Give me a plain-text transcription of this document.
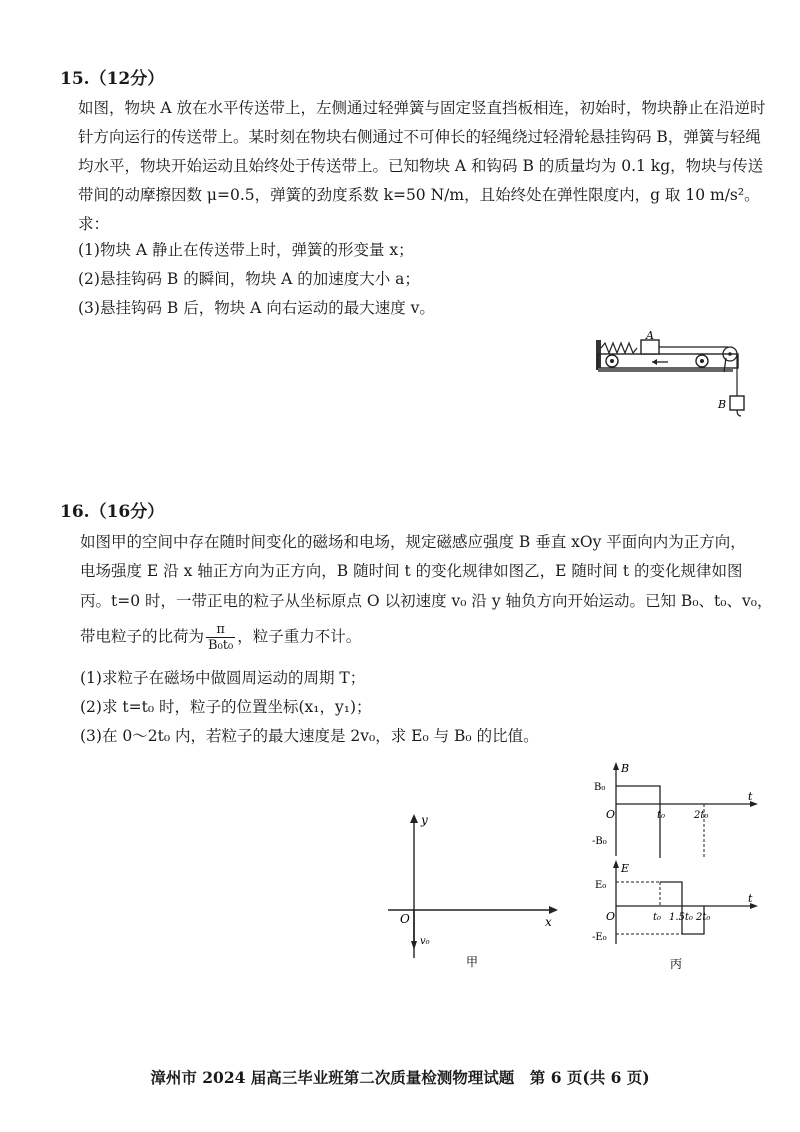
15.（12分）

如图，物块 A 放在水平传送带上，左侧通过轻弹簧与固定竖直挡板相连，初始时，物块静止在沿逆时针方向运行的传送带上。某时刻在物块右侧通过不可伸长的轻绳绕过轻滑轮悬挂钩码 B，弹簧与轻绳均水平，物块开始运动且始终处于传送带上。已知物块 A 和钩码 B 的质量均为 0.1 kg，物块与传送带间的动摩擦因数 μ=0.5，弹簧的劲度系数 k=50 N/m，且始终处在弹性限度内，g 取 10 m/s²。求：

(1)物块 A 静止在传送带上时，弹簧的形变量 x；
(2)悬挂钩码 B 的瞬间，物块 A 的加速度大小 a；
(3)悬挂钩码 B 后，物块 A 向右运动的最大速度 v。
A
B
16.（16分）
如图甲的空间中存在随时间变化的磁场和电场，规定磁感应强度 B 垂直 xOy 平面向内为正方向，
电场强度 E 沿 x 轴正方向为正方向，B 随时间 t 的变化规律如图乙，E 随时间 t 的变化规律如图
丙。t=0 时，一带正电的粒子从坐标原点 O 以初速度 v₀ 沿 y 轴负方向开始运动。已知 B₀、t₀、v₀，
带电粒子的比荷为 $\frac{\pi}{\text{B₀t₀}}$ ，粒子重力不计。
(1)求粒子在磁场中做圆周运动的周期 T；
(2)求 t=t₀ 时，粒子的位置坐标(x₁，y₁)；
(3)在 0～2t₀ 内，若粒子的最大速度是 2v₀，求 E₀ 与 B₀ 的比值。
y
x
O
v₀
甲
B
t
O
B₀
-B₀
t₀	2t₀
E
t
O
E₀
-E₀
t₀ 1.5t₀ 2t₀
丙
漳州市 2024 届高三毕业班第二次质量检测物理试题　第 6 页(共 6 页)
